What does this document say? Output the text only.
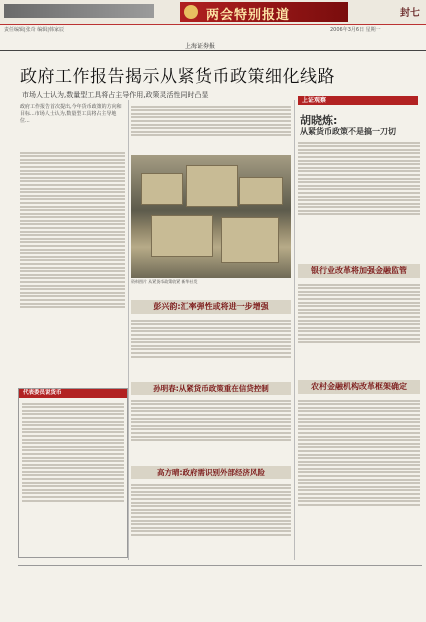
两会特别报道	封七
责任编辑|张奇 编辑|韩家辰	2006年3月6日 星期一
上海证券报
政府工作报告揭示从紧货币政策细化线路
市场人士认为,数量型工具将占主导作用,政策灵活性同时凸显
政府工作报告首次提出,今年货币政策的方向和目标...市场人士认为,数量型工具将占主导地位...
资料图片 从紧货币政策收紧 新华社发
上证观察
胡晓炼:
从紧货币政策不是搞一刀切
银行业改革将加强金融监管
彭兴韵:汇率弹性或将进一步增强
孙明春:从紧货币政策重在信贷控制	农村金融机构改革框架确定
高方晴:政府需识别外部经济风险
代表委员说货币
